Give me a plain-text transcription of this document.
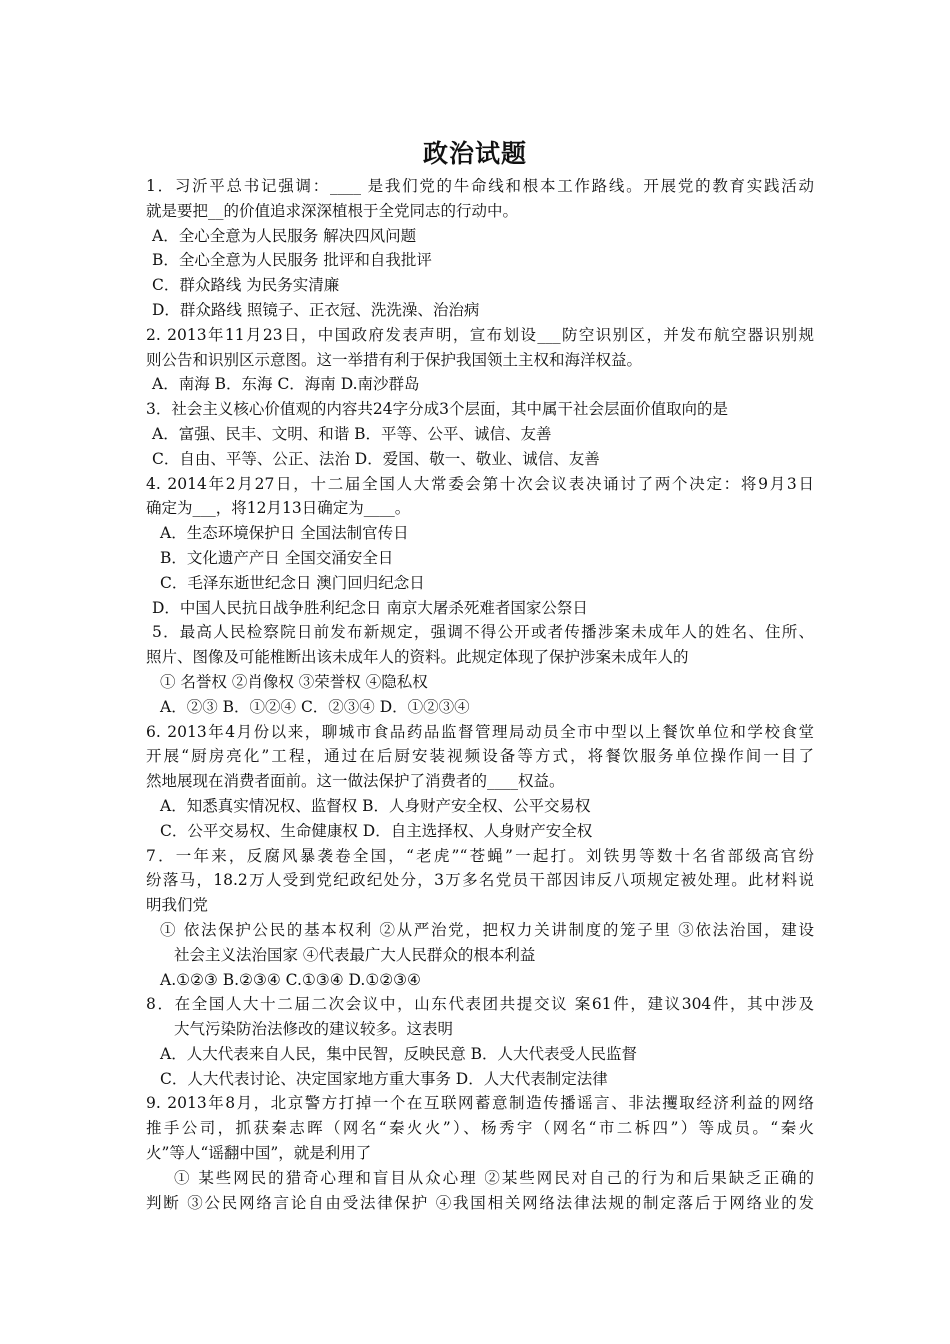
政治试题
1．习沂平总书记强调：____ 是我们党的牛命线和根本工作路线。开展党的教育实践活动
就是要把__的价值追求深深植根于全党同志的行动中。
A．全心全意为人民服务 解决四风问题
B．全心全意为人民服务 批评和自我批评
C．群众路线 为民务实清廉
D．群众路线 照镜子、正衣冠、洗洗澡、治治病
2. 2013年11月23日，中国政府发表声明，宣布划设___防空识别区，并发布航空器识别规
则公告和识别区示意图。这一举措有利于保护我国领土主权和海洋权益。
A．南海 B．东海 C．海南 D.南沙群岛
3．社会主义核心价值观的内容共24字分成3个层面，其中属干社会层面价值取向的是
A．富强、民丰、文明、和谐 B．平等、公平、诚信、友善
C．自由、平等、公正、法治 D．爱国、敬一、敬业、诚信、友善
4. 2014年2月27日，十二届全国人大常委会第十次会议表决诵讨了两个决定：将9月3日
确定为___，将12月13日确定为____。
A．生态环境保护日 全国法制官传日
B．文化遗产产日 全国交涌安全日
C．毛泽东逝世纪念日 澳门回归纪念日
D．中国人民抗日战争胜利纪念日 南京大屠杀死难者国家公祭日
5．最高人民检察院日前发布新规定，强调不得公开或者传播涉案未成年人的姓名、住所、
照片、图像及可能椎断出该未成年人的资料。此规定体现了保护涉案未成年人的
① 名誉权 ②肖像权 ③荣誉权 ④隐私权
A．②③ B．①②④ C．②③④ D．①②③④
6. 2013年4月份以来，聊城市食品药品监督管理局动员全市中型以上餐饮单位和学校食堂
开展“厨房亮化”工程，通过在后厨安装视频设备等方式，将餐饮服务单位操作间一目了
然地展现在消费者面前。这一做法保护了消费者的____权益。
A．知悉真实情况权、监督权 B．人身财产安全权、公平交易权
C．公平交易权、生命健康权 D．自主选择权、人身财产安全权
7．一年来，反腐风暴袭卷全国，“老虎”“苍蝇”一起打。刘铁男等数十名省部级高官纷
纷落马，18.2万人受到党纪政纪处分，3万多名党员干部因讳反八项规定被处理。此材料说
明我们党
① 依法保护公民的基本权利 ②从严治党，把权力关讲制度的笼子里 ③依法治国，建设
社会主义法治国家 ④代表最广大人民群众的根本利益
A.①②③ B.②③④ C.①③④ D.①②③④
8．在全国人大十二届二次会议中，山东代表团共提交议 案61件，建议304件，其中涉及
大气污染防治法修改的建议较多。这表明
A．人大代表来自人民，集中民智，反映民意 B．人大代表受人民监督
C．人大代表讨论、决定国家地方重大事务 D．人大代表制定法律
9. 2013年8月，北京警方打掉一个在互联网蓄意制造传播谣言、非法攫取经济利益的网络
推手公司，抓获秦志晖（网名“秦火火”）、杨秀宇（网名“市二柝四”）等成员。“秦火
火”等人“谣翻中国”，就是利用了
① 某些网民的猎奇心理和盲目从众心理 ②某些网民对自己的行为和后果缺乏正确的
判断 ③公民网络言论自由受法律保护 ④我国相关网络法律法规的制定落后于网络业的发
